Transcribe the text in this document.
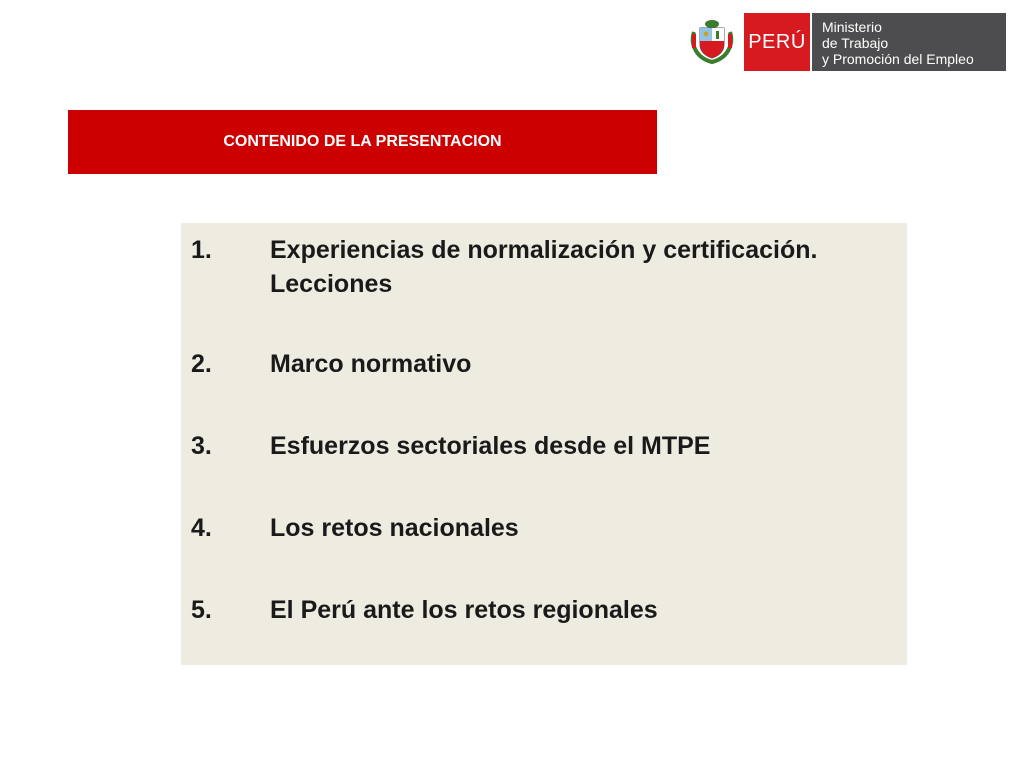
PERÚ
Ministerio
de Trabajo
y Promoción del Empleo
CONTENIDO DE LA PRESENTACION
1.	Experiencias de normalización y certificación. Lecciones
2.	Marco normativo
3.	Esfuerzos sectoriales desde el MTPE
4.	Los retos nacionales
5.	El Perú ante los retos regionales
